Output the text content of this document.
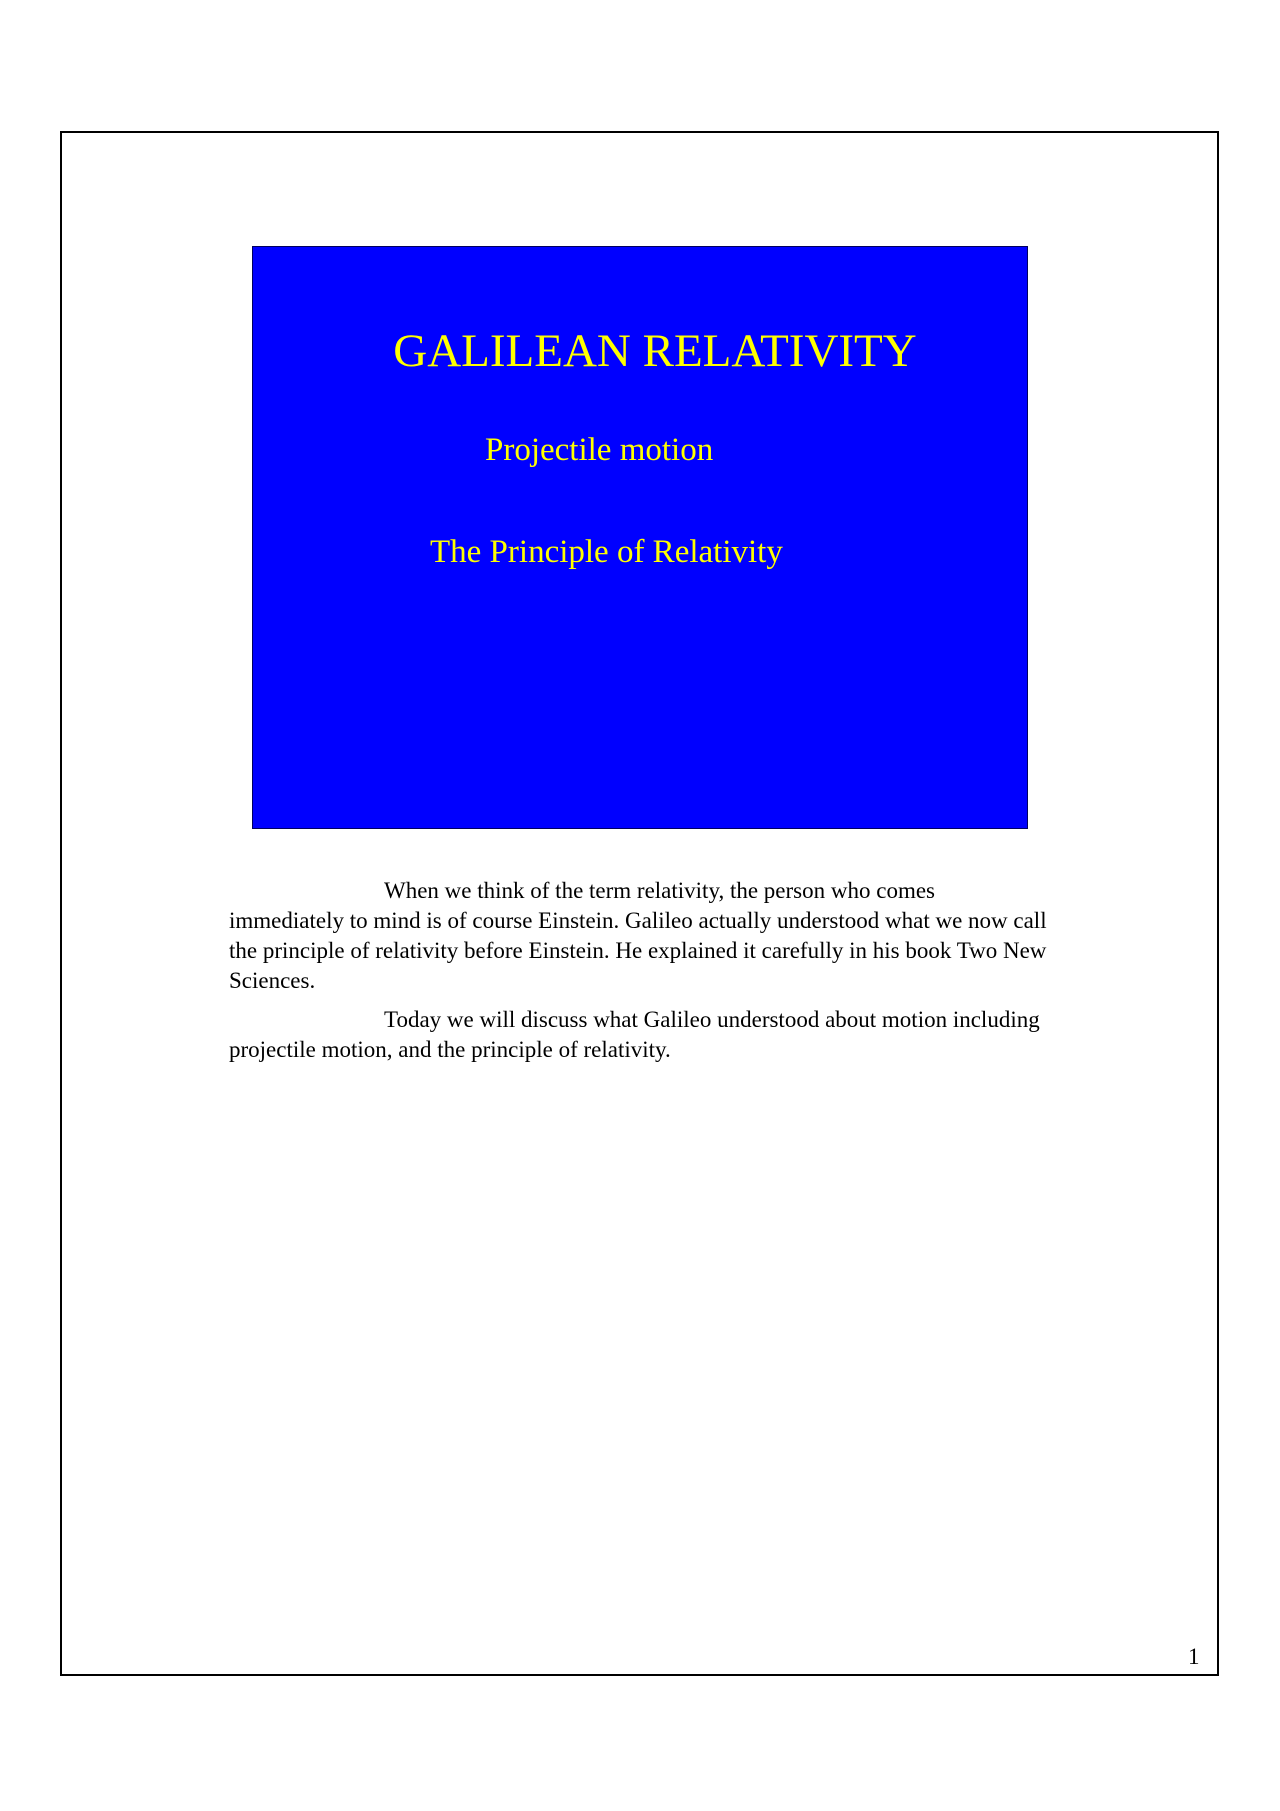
GALILEAN RELATIVITY

Projectile motion

The Principle of Relativity

When we think of the term relativity, the person who comes immediately to mind is of course Einstein. Galileo actually understood what we now call the principle of relativity before Einstein. He explained it carefully in his book Two New Sciences.

Today we will discuss what Galileo understood about motion including projectile motion, and the principle of relativity.

1
